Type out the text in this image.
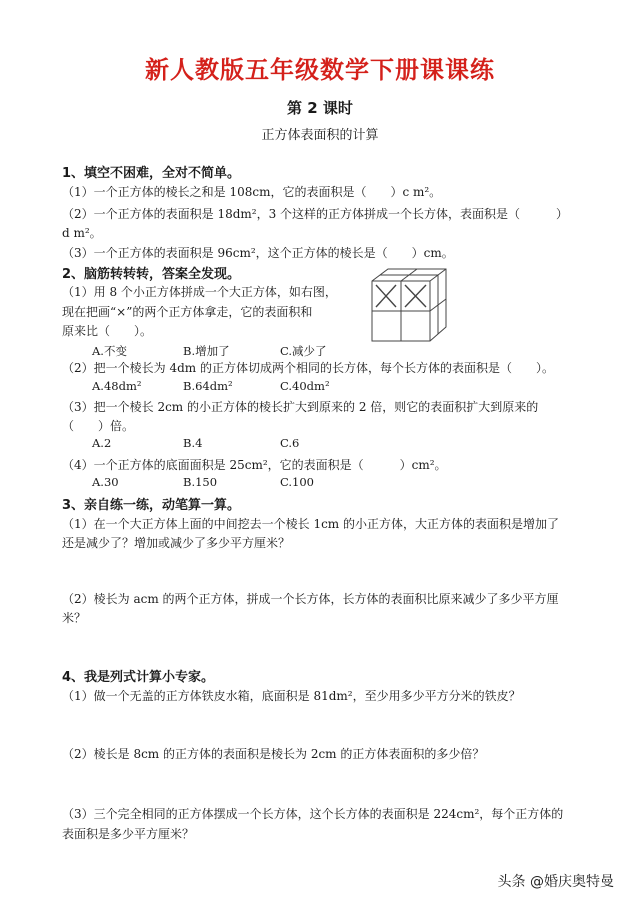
新人教版五年级数学下册课课练
第 2 课时
正方体表面积的计算
1、填空不困难，全对不简单。
（1）一个正方体的棱长之和是 108cm，它的表面积是（　　）c m²。
（2）一个正方体的表面积是 18dm²，3 个这样的正方体拼成一个长方体，表面积是（　　　）
d m²。
（3）一个正方体的表面积是 96cm²，这个正方体的棱长是（　　）cm。
2、脑筋转转转，答案全发现。
（1）用 8 个小正方体拼成一个大正方体，如右图，
现在把画“×”的两个正方体拿走，它的表面积和
原来比（　　）。
A.不变	B.增加了	C.减少了
（2）把一个棱长为 4dm 的正方体切成两个相同的长方体，每个长方体的表面积是（　　）。
A.48dm²	B.64dm²	C.40dm²
（3）把一个棱长 2cm 的小正方体的棱长扩大到原来的 2 倍，则它的表面积扩大到原来的
（　　）倍。
A.2	B.4	C.6
（4）一个正方体的底面面积是 25cm²，它的表面积是（　　　）cm²。
A.30	B.150	C.100
3、亲自练一练，动笔算一算。
（1）在一个大正方体上面的中间挖去一个棱长 1cm 的小正方体，大正方体的表面积是增加了
还是减少了？增加或减少了多少平方厘米？
（2）棱长为 acm 的两个正方体，拼成一个长方体，长方体的表面积比原来减少了多少平方厘
米？
4、我是列式计算小专家。
（1）做一个无盖的正方体铁皮水箱，底面积是 81dm²，至少用多少平方分米的铁皮？
（2）棱长是 8cm 的正方体的表面积是棱长为 2cm 的正方体表面积的多少倍？
（3）三个完全相同的正方体摆成一个长方体，这个长方体的表面积是 224cm²，每个正方体的
表面积是多少平方厘米？
头条 @婚庆奥特曼
